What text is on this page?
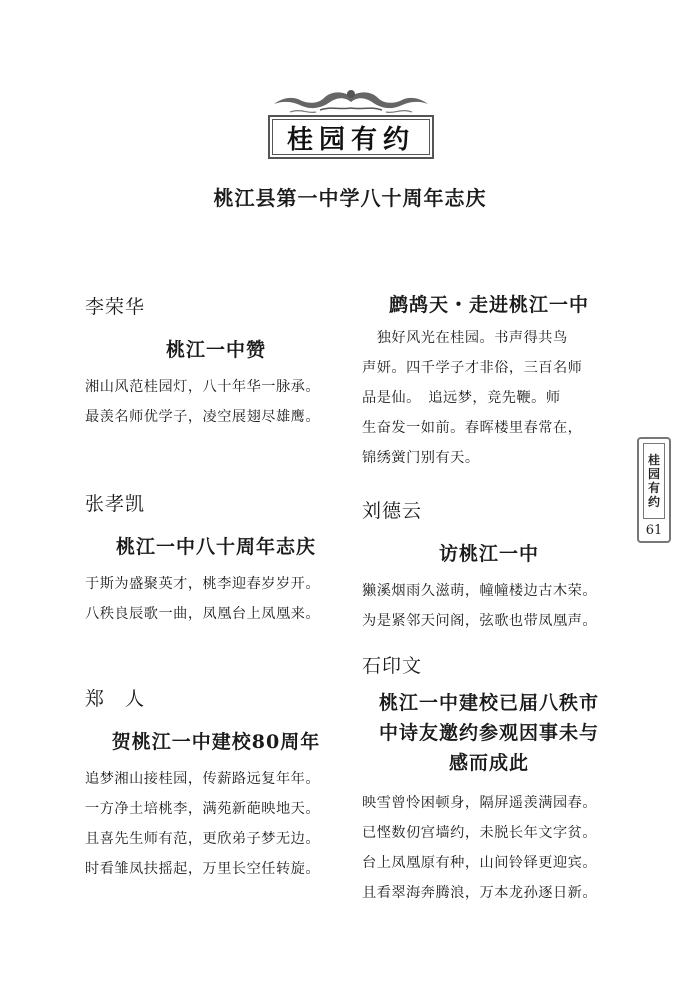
桂园有约
桃江县第一中学八十周年志庆
李荣华
桃江一中赞
湘山风范桂园灯，八十年华一脉承。
最羡名师优学子，凌空展翅尽雄鹰。
张孝凯
桃江一中八十周年志庆
于斯为盛聚英才，桃李迎春岁岁开。
八秩良辰歌一曲，凤凰台上凤凰来。
郑　人
贺桃江一中建校80周年
追梦湘山接桂园，传薪路远复年年。
一方净土培桃李，满苑新葩映地天。
且喜先生师有范，更欣弟子梦无边。
时看雏凤扶摇起，万里长空任转旋。
鹧鸪天・走进桃江一中
　独好风光在桂园。书声得共鸟
声妍。四千学子才非俗，三百名师
品是仙。　追远梦，竞先鞭。师
生奋发一如前。春晖楼里春常在，
锦绣黉门别有天。
刘德云
访桃江一中
獭溪烟雨久滋萌，幢幢楼边古木荣。
为是紧邻天问阁，弦歌也带凤凰声。
石印文
桃江一中建校已届八秩市
中诗友邀约参观因事未与
感而成此
映雪曾怜困顿身，隔屏遥羡满园春。
已悭数仞宫墙约，未脱长年文字贫。
台上凤凰原有种，山间铃铎更迎宾。
且看翠海奔腾浪，万本龙孙逐日新。
桂
园
有
约
61
